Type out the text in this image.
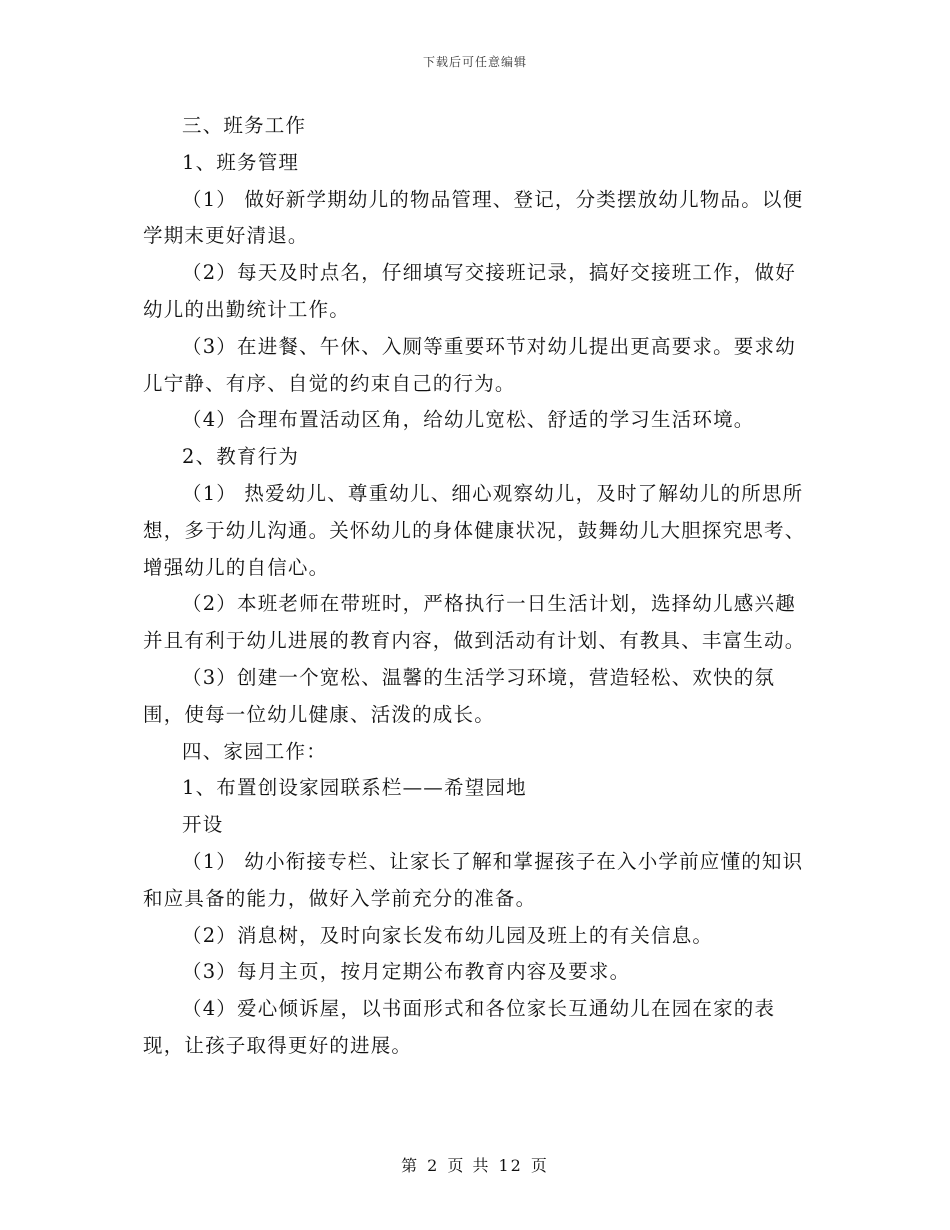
下载后可任意编辑

三、班务工作

1、班务管理

（1） 做好新学期幼儿的物品管理、登记，分类摆放幼儿物品。以便学期末更好清退。

（2）每天及时点名，仔细填写交接班记录，搞好交接班工作，做好幼儿的出勤统计工作。

（3）在进餐、午休、入厕等重要环节对幼儿提出更高要求。要求幼儿宁静、有序、自觉的约束自己的行为。

（4）合理布置活动区角，给幼儿宽松、舒适的学习生活环境。

2、教育行为

（1） 热爱幼儿、尊重幼儿、细心观察幼儿，及时了解幼儿的所思所想，多于幼儿沟通。关怀幼儿的身体健康状况，鼓舞幼儿大胆探究思考、增强幼儿的自信心。

（2）本班老师在带班时，严格执行一日生活计划，选择幼儿感兴趣并且有利于幼儿进展的教育内容，做到活动有计划、有教具、丰富生动。

（3）创建一个宽松、温馨的生活学习环境，营造轻松、欢快的氛围，使每一位幼儿健康、活泼的成长。

四、家园工作：

1、布置创设家园联系栏——希望园地

开设

（1） 幼小衔接专栏、让家长了解和掌握孩子在入小学前应懂的知识和应具备的能力，做好入学前充分的准备。

（2）消息树，及时向家长发布幼儿园及班上的有关信息。

（3）每月主页，按月定期公布教育内容及要求。

（4）爱心倾诉屋，以书面形式和各位家长互通幼儿在园在家的表现，让孩子取得更好的进展。

第 2 页 共 12 页
